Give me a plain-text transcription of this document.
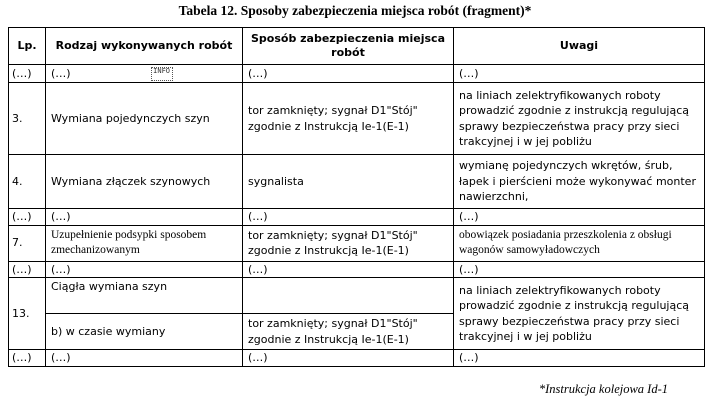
Tabela 12. Sposoby zabezpieczenia miejsca robót (fragment)*
Lp.	Rodzaj wykonywanych robót	Sposób zabezpieczenia miejsca robót	Uwagi
(…)	(…) INFO	(…)	(…)
3.	Wymiana pojedynczych szyn	tor zamknięty; sygnał D1"Stój" zgodnie z Instrukcją Ie-1(E-1)	na liniach zelektryfikowanych roboty prowadzić zgodnie z instrukcją regulującą sprawy bezpieczeństwa pracy przy sieci trakcyjnej i w jej pobliżu
4.	Wymiana złączek szynowych	sygnalista	wymianę pojedynczych wkrętów, śrub, łapek i pierścieni może wykonywać monter nawierzchni,
(…)	(…)	(…)	(…)
7.	Uzupełnienie podsypki sposobem zmechanizowanym	tor zamknięty; sygnał D1"Stój" zgodnie z Instrukcją Ie-1(E-1)	obowiązek posiadania przeszkolenia z obsługi wagonów samowyładowczych
(…)	(…)	(…)	(…)
13.	Ciągła wymiana szyn		na liniach zelektryfikowanych roboty prowadzić zgodnie z instrukcją regulującą sprawy bezpieczeństwa pracy przy sieci trakcyjnej i w jej pobliżu
	b) w czasie wymiany	tor zamknięty; sygnał D1"Stój" zgodnie z Instrukcją Ie-1(E-1)	
(…)	(…)	(…)	(…)
*Instrukcja kolejowa Id-1
